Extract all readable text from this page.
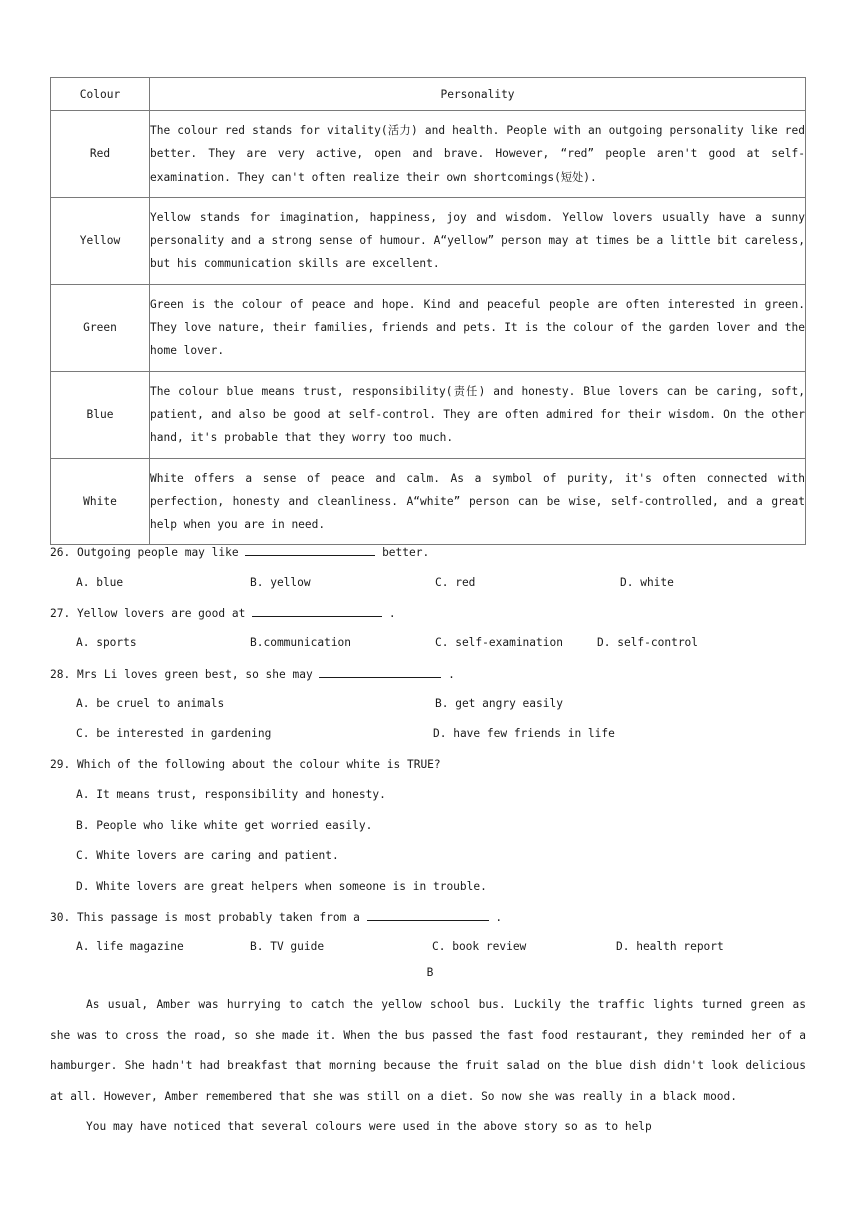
Colour	Personality
Red	The colour red stands for vitality(活力) and health. People with an outgoing personality like red better. They are very active, open and brave. However, “red” people aren't good at self-examination. They can't often realize their own shortcomings(短处).
Yellow	Yellow stands for imagination, happiness, joy and wisdom. Yellow lovers usually have a sunny personality and a strong sense of humour. A“yellow” person may at times be a little bit careless, but his communication skills are excellent.
Green	Green is the colour of peace and hope. Kind and peaceful people are often interested in green. They love nature, their families, friends and pets. It is the colour of the garden lover and the home lover.
Blue	The colour blue means trust, responsibility(责任) and honesty. Blue lovers can be caring, soft, patient, and also be good at self-control. They are often admired for their wisdom. On the other hand, it's probable that they worry too much.
White	White offers a sense of peace and calm. As a symbol of purity, it's often connected with perfection, honesty and cleanliness. A“white” person can be wise, self-controlled, and a great help when you are in need.
26. Outgoing people may like	better.
A. blue	B. yellow	C. red	D. white
27. Yellow lovers are good at	.
A. sports	B.communication	C. self-examination	D. self-control
28. Mrs Li loves green best, so she may	.
A. be cruel to animals	B. get angry easily
C. be interested in gardening	D. have few friends in life
29. Which of the following about the colour white is TRUE?
A. It means trust, responsibility and honesty.
B. People who like white get worried easily.
C. White lovers are caring and patient.
D. White lovers are great helpers when someone is in trouble.
30. This passage is most probably taken from a	.
A. life magazine	B. TV guide	C. book review	D. health report
B
As usual, Amber was hurrying to catch the yellow school bus. Luckily the traffic lights turned green as she was to cross the road, so she made it. When the bus passed the fast food restaurant, they reminded her of a hamburger. She hadn't had breakfast that morning because the fruit salad on the blue dish didn't look delicious at all. However, Amber remembered that she was still on a diet. So now she was really in a black mood.
You may have noticed that several colours were used in the above story so as to help
